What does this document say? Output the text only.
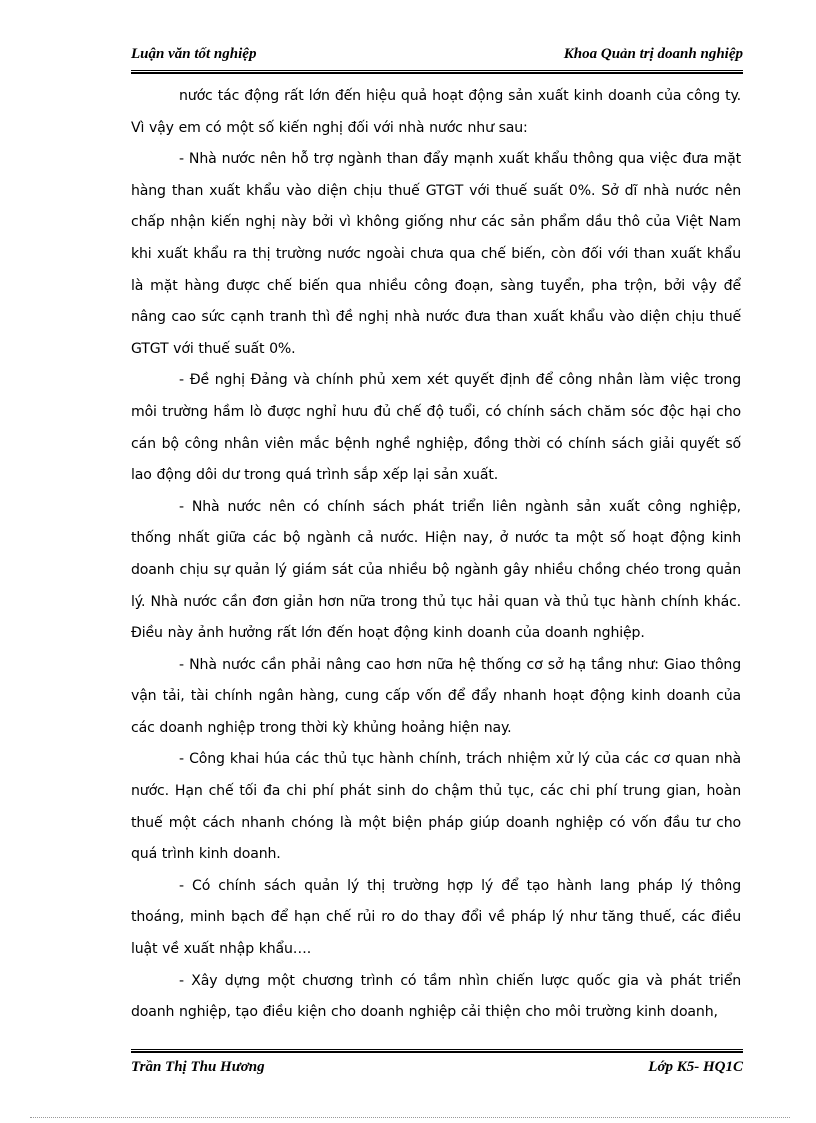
Luận văn tốt nghiệp	Khoa Quản trị doanh nghiệp

nước tác động rất lớn đến hiệu quả hoạt động sản xuất kinh doanh của công ty. Vì vậy em có một số kiến nghị đối với nhà nước như sau:

- Nhà nước nên hỗ trợ ngành than đẩy mạnh xuất khẩu thông qua việc đưa mặt hàng than xuất khẩu vào diện chịu thuế GTGT với thuế suất 0%. Sở dĩ nhà nước nên chấp nhận kiến nghị này bởi vì không giống như các sản phẩm dầu thô của Việt Nam khi xuất khẩu ra thị trường nước ngoài chưa qua chế biến, còn đối với than xuất khẩu là mặt hàng được chế biến qua nhiều công đoạn, sàng tuyển, pha trộn, bởi vậy để nâng cao sức cạnh tranh thì đề nghị nhà nước đưa than xuất khẩu vào diện chịu thuế GTGT với thuế suất 0%.

- Đề nghị Đảng và chính phủ xem xét quyết định để công nhân làm việc trong môi trường hầm lò được nghỉ hưu đủ chế độ tuổi, có chính sách chăm sóc độc hại cho cán bộ công nhân viên mắc bệnh nghề nghiệp, đồng thời có chính sách giải quyết số lao động dôi dư trong quá trình sắp xếp lại sản xuất.

- Nhà nước nên có chính sách phát triển liên ngành sản xuất công nghiệp, thống nhất giữa các bộ ngành cả nước. Hiện nay, ở nước ta một số hoạt động kinh doanh chịu sự quản lý giám sát của nhiều bộ ngành gây nhiều chồng chéo trong quản lý. Nhà nước cần đơn giản hơn nữa trong thủ tục hải quan và thủ tục hành chính khác. Điều này ảnh hưởng rất lớn đến hoạt động kinh doanh của doanh nghiệp.

- Nhà nước cần phải nâng cao hơn nữa hệ thống cơ sở hạ tầng như: Giao thông vận tải, tài chính ngân hàng, cung cấp vốn để đẩy nhanh hoạt động kinh doanh của các doanh nghiệp trong thời kỳ khủng hoảng hiện nay.

- Công khai húa các thủ tục hành chính, trách nhiệm xử lý của các cơ quan nhà nước. Hạn chế tối đa chi phí phát sinh do chậm thủ tục, các chi phí trung gian, hoàn thuế một cách nhanh chóng là một biện pháp giúp doanh nghiệp có vốn đầu tư cho quá trình kinh doanh.

- Có chính sách quản lý thị trường hợp lý để tạo hành lang pháp lý thông thoáng, minh bạch để hạn chế rủi ro do thay đổi về pháp lý như tăng thuế, các điều luật về xuất nhập khẩu….

- Xây dựng một chương trình có tầm nhìn chiến lược quốc gia và phát triển doanh nghiệp, tạo điều kiện cho doanh nghiệp cải thiện cho môi trường kinh doanh,

Trần Thị Thu Hương	Lớp K5- HQ1C
